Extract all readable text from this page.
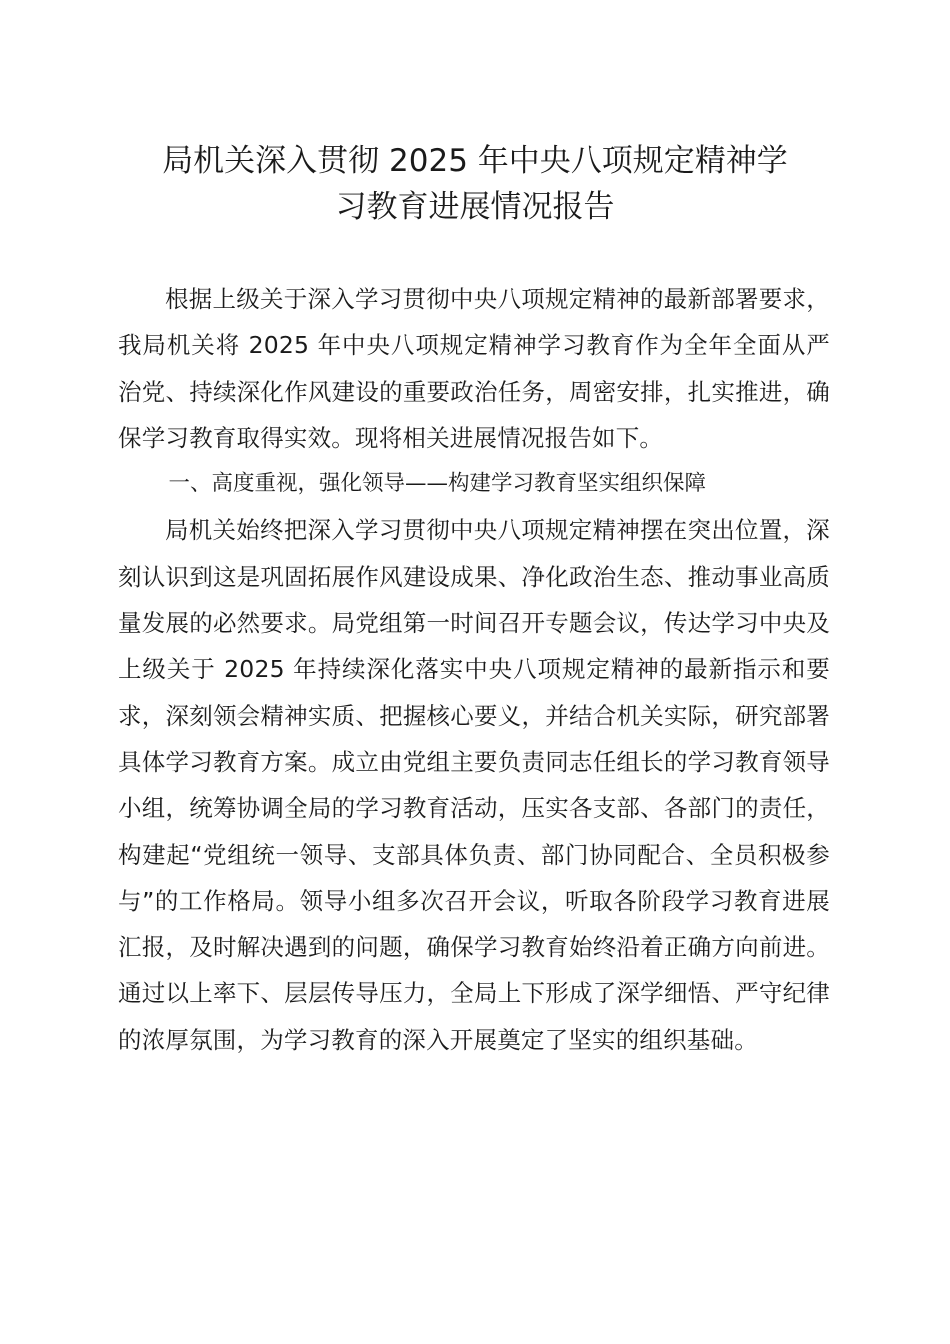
局机关深入贯彻 2025 年中央八项规定精神学
习教育进展情况报告

根据上级关于深入学习贯彻中央八项规定精神的最新部署要求，我局机关将 2025 年中央八项规定精神学习教育作为全年全面从严治党、持续深化作风建设的重要政治任务，周密安排，扎实推进，确保学习教育取得实效。现将相关进展情况报告如下。

一、高度重视，强化领导——构建学习教育坚实组织保障

局机关始终把深入学习贯彻中央八项规定精神摆在突出位置，深刻认识到这是巩固拓展作风建设成果、净化政治生态、推动事业高质量发展的必然要求。局党组第一时间召开专题会议，传达学习中央及上级关于 2025 年持续深化落实中央八项规定精神的最新指示和要求，深刻领会精神实质、把握核心要义，并结合机关实际，研究部署具体学习教育方案。成立由党组主要负责同志任组长的学习教育领导小组，统筹协调全局的学习教育活动，压实各支部、各部门的责任，构建起“党组统一领导、支部具体负责、部门协同配合、全员积极参与”的工作格局。领导小组多次召开会议，听取各阶段学习教育进展汇报，及时解决遇到的问题，确保学习教育始终沿着正确方向前进。通过以上率下、层层传导压力，全局上下形成了深学细悟、严守纪律的浓厚氛围，为学习教育的深入开展奠定了坚实的组织基础。
